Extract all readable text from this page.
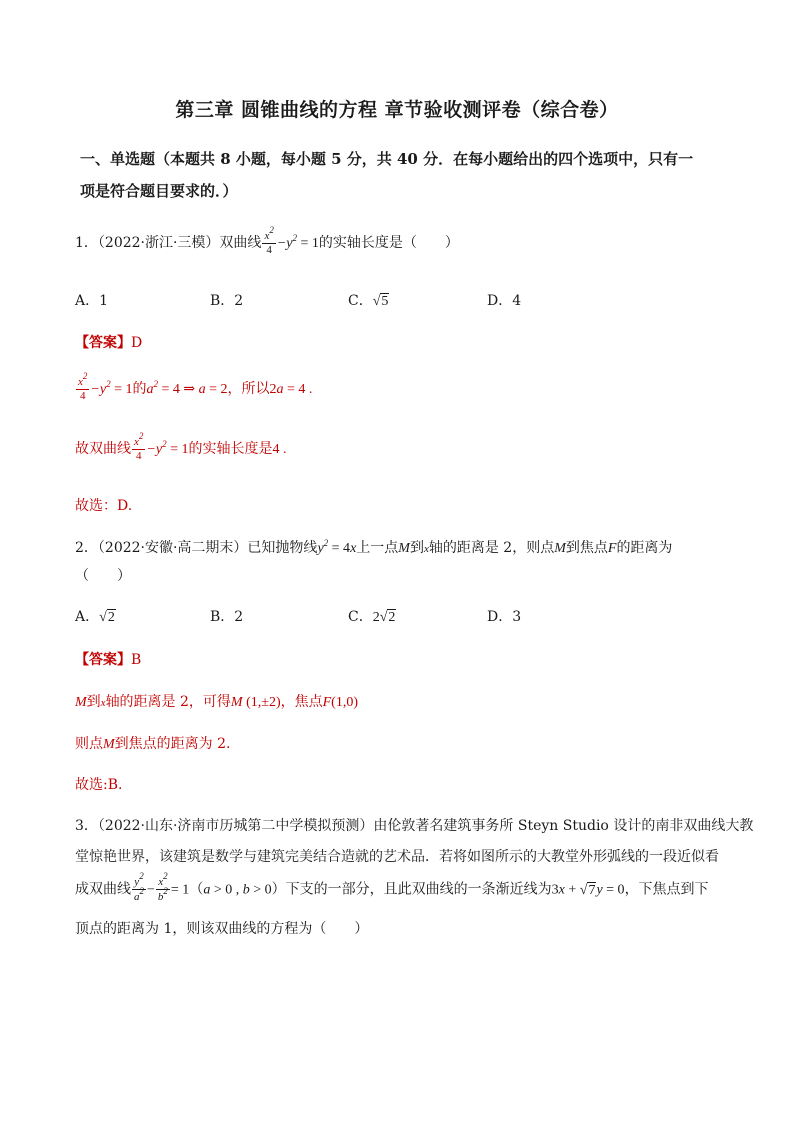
第三章 圆锥曲线的方程 章节验收测评卷（综合卷）
一、单选题（本题共 8 小题，每小题 5 分，共 40 分．在每小题给出的四个选项中，只有一
项是符合题目要求的．）
1．（2022·浙江·三模）双曲线 $\frac{x^2}{4} -y^2 = 1$的实轴长度是（　　）
A．1	B．2	C．√5	D．4
【答案】D
$\frac{x^2}{4} -y^2 = 1$的$a^2 = 4$ ⇒ a = 2，所以2a = 4 .
故双曲线 $\frac{x^2}{4} -y^2 = 1$的实轴长度是4 .
故选：D.
2．（2022·安徽·高二期末）已知抛物线$y^2 = 4x$上一点M到x轴的距离是 2，则点M到焦点F的距离为
（　　）
A．√2	B．2	C．2√2	D．3
【答案】B
M到x轴的距离是 2，可得M (1,±2)，焦点F(1,0)
则点M到焦点的距离为 2.
故选:B.
3．（2022·山东·济南市历城第二中学模拟预测）由伦敦著名建筑事务所 Steyn Studio 设计的南非双曲线大教
堂惊艳世界，该建筑是数学与建筑完美结合造就的艺术品．若将如图所示的大教堂外形弧线的一段近似看
成双曲线 $\frac{y^2}{a^2} - \frac{x^2}{b^2} = 1(a > 0$ , b > 0）下支的一部分，且此双曲线的一条渐近线为3x + √7y = 0，下焦点到下
顶点的距离为 1，则该双曲线的方程为（　　）
